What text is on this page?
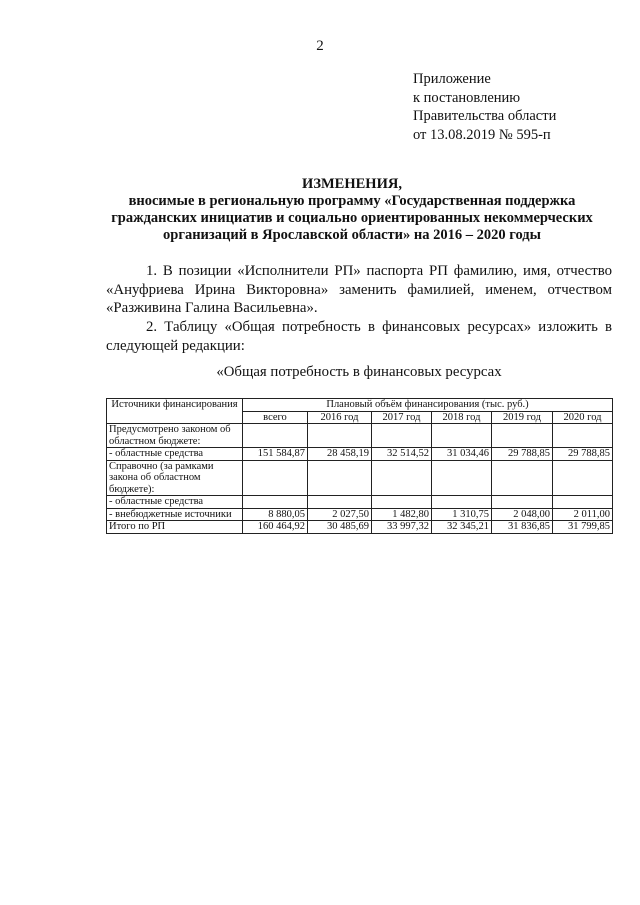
2
Приложение
к постановлению
Правительства области
от 13.08.2019 № 595-п
ИЗМЕНЕНИЯ,
вносимые в региональную программу «Государственная поддержка
гражданских инициатив и социально ориентированных некоммерческих
организаций в Ярославской области» на 2016 – 2020 годы

1. В позиции «Исполнители РП» паспорта РП фамилию, имя, отчество «Ануфриева Ирина Викторовна» заменить фамилией, именем, отчеством «Разживина Галина Васильевна».

2. Таблицу «Общая потребность в финансовых ресурсах» изложить в следующей редакции:

«Общая потребность в финансовых ресурсах
Источники финансирования	Плановый объём финансирования (тыс. руб.)					
	всего	2016 год	2017 год	2018 год	2019 год	2020 год
Предусмотрено законом об областном бюджете:						
- областные средства	151 584,87	28 458,19	32 514,52	31 034,46	29 788,85	29 788,85
Справочно (за рамками закона об областном бюджете):						
- областные средства						
- внебюджетные источники	8 880,05	2 027,50	1 482,80	1 310,75	2 048,00	2 011,00
Итого по РП	160 464,92	30 485,69	33 997,32	32 345,21	31 836,85	31 799,85
